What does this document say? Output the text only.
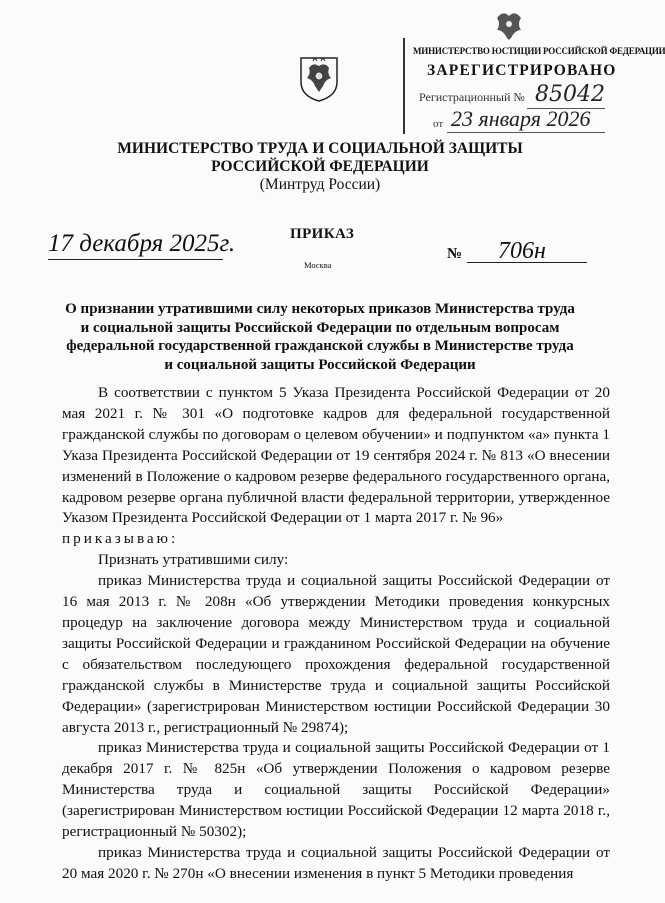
МИНИСТЕРСТВО ЮСТИЦИИ РОССИЙСКОЙ ФЕДЕРАЦИИ
ЗАРЕГИСТРИРОВАНО
Регистрационный № 85042
от 23 января 2026
МИНИСТЕРСТВО ТРУДА И СОЦИАЛЬНОЙ ЗАЩИТЫ
РОССИЙСКОЙ ФЕДЕРАЦИИ
(Минтруд России)
17 декабря 2025г.	ПРИКАЗ
Москва
№ 706н
О признании утратившими силу некоторых приказов Министерства труда
и социальной защиты Российской Федерации по отдельным вопросам
федеральной государственной гражданской службы в Министерстве труда
и социальной защиты Российской Федерации

В соответствии с пунктом 5 Указа Президента Российской Федерации от 20 мая 2021 г. № 301 «О подготовке кадров для федеральной государственной гражданской службы по договорам о целевом обучении» и подпунктом «а» пункта 1 Указа Президента Российской Федерации от 19 сентября 2024 г. № 813 «О внесении изменений в Положение о кадровом резерве федерального государственного органа, кадровом резерве органа публичной власти федеральной территории, утвержденное Указом Президента Российской Федерации от 1 марта 2017 г. № 96»

приказываю:

Признать утратившими силу:

приказ Министерства труда и социальной защиты Российской Федерации от 16 мая 2013 г. № 208н «Об утверждении Методики проведения конкурсных процедур на заключение договора между Министерством труда и социальной защиты Российской Федерации и гражданином Российской Федерации на обучение с обязательством последующего прохождения федеральной государственной гражданской службы в Министерстве труда и социальной защиты Российской Федерации» (зарегистрирован Министерством юстиции Российской Федерации 30 августа 2013 г., регистрационный № 29874);

приказ Министерства труда и социальной защиты Российской Федерации от 1 декабря 2017 г. № 825н «Об утверждении Положения о кадровом резерве Министерства труда и социальной защиты Российской Федерации» (зарегистрирован Министерством юстиции Российской Федерации 12 марта 2018 г., регистрационный № 50302);

приказ Министерства труда и социальной защиты Российской Федерации от 20 мая 2020 г. № 270н «О внесении изменения в пункт 5 Методики проведения
